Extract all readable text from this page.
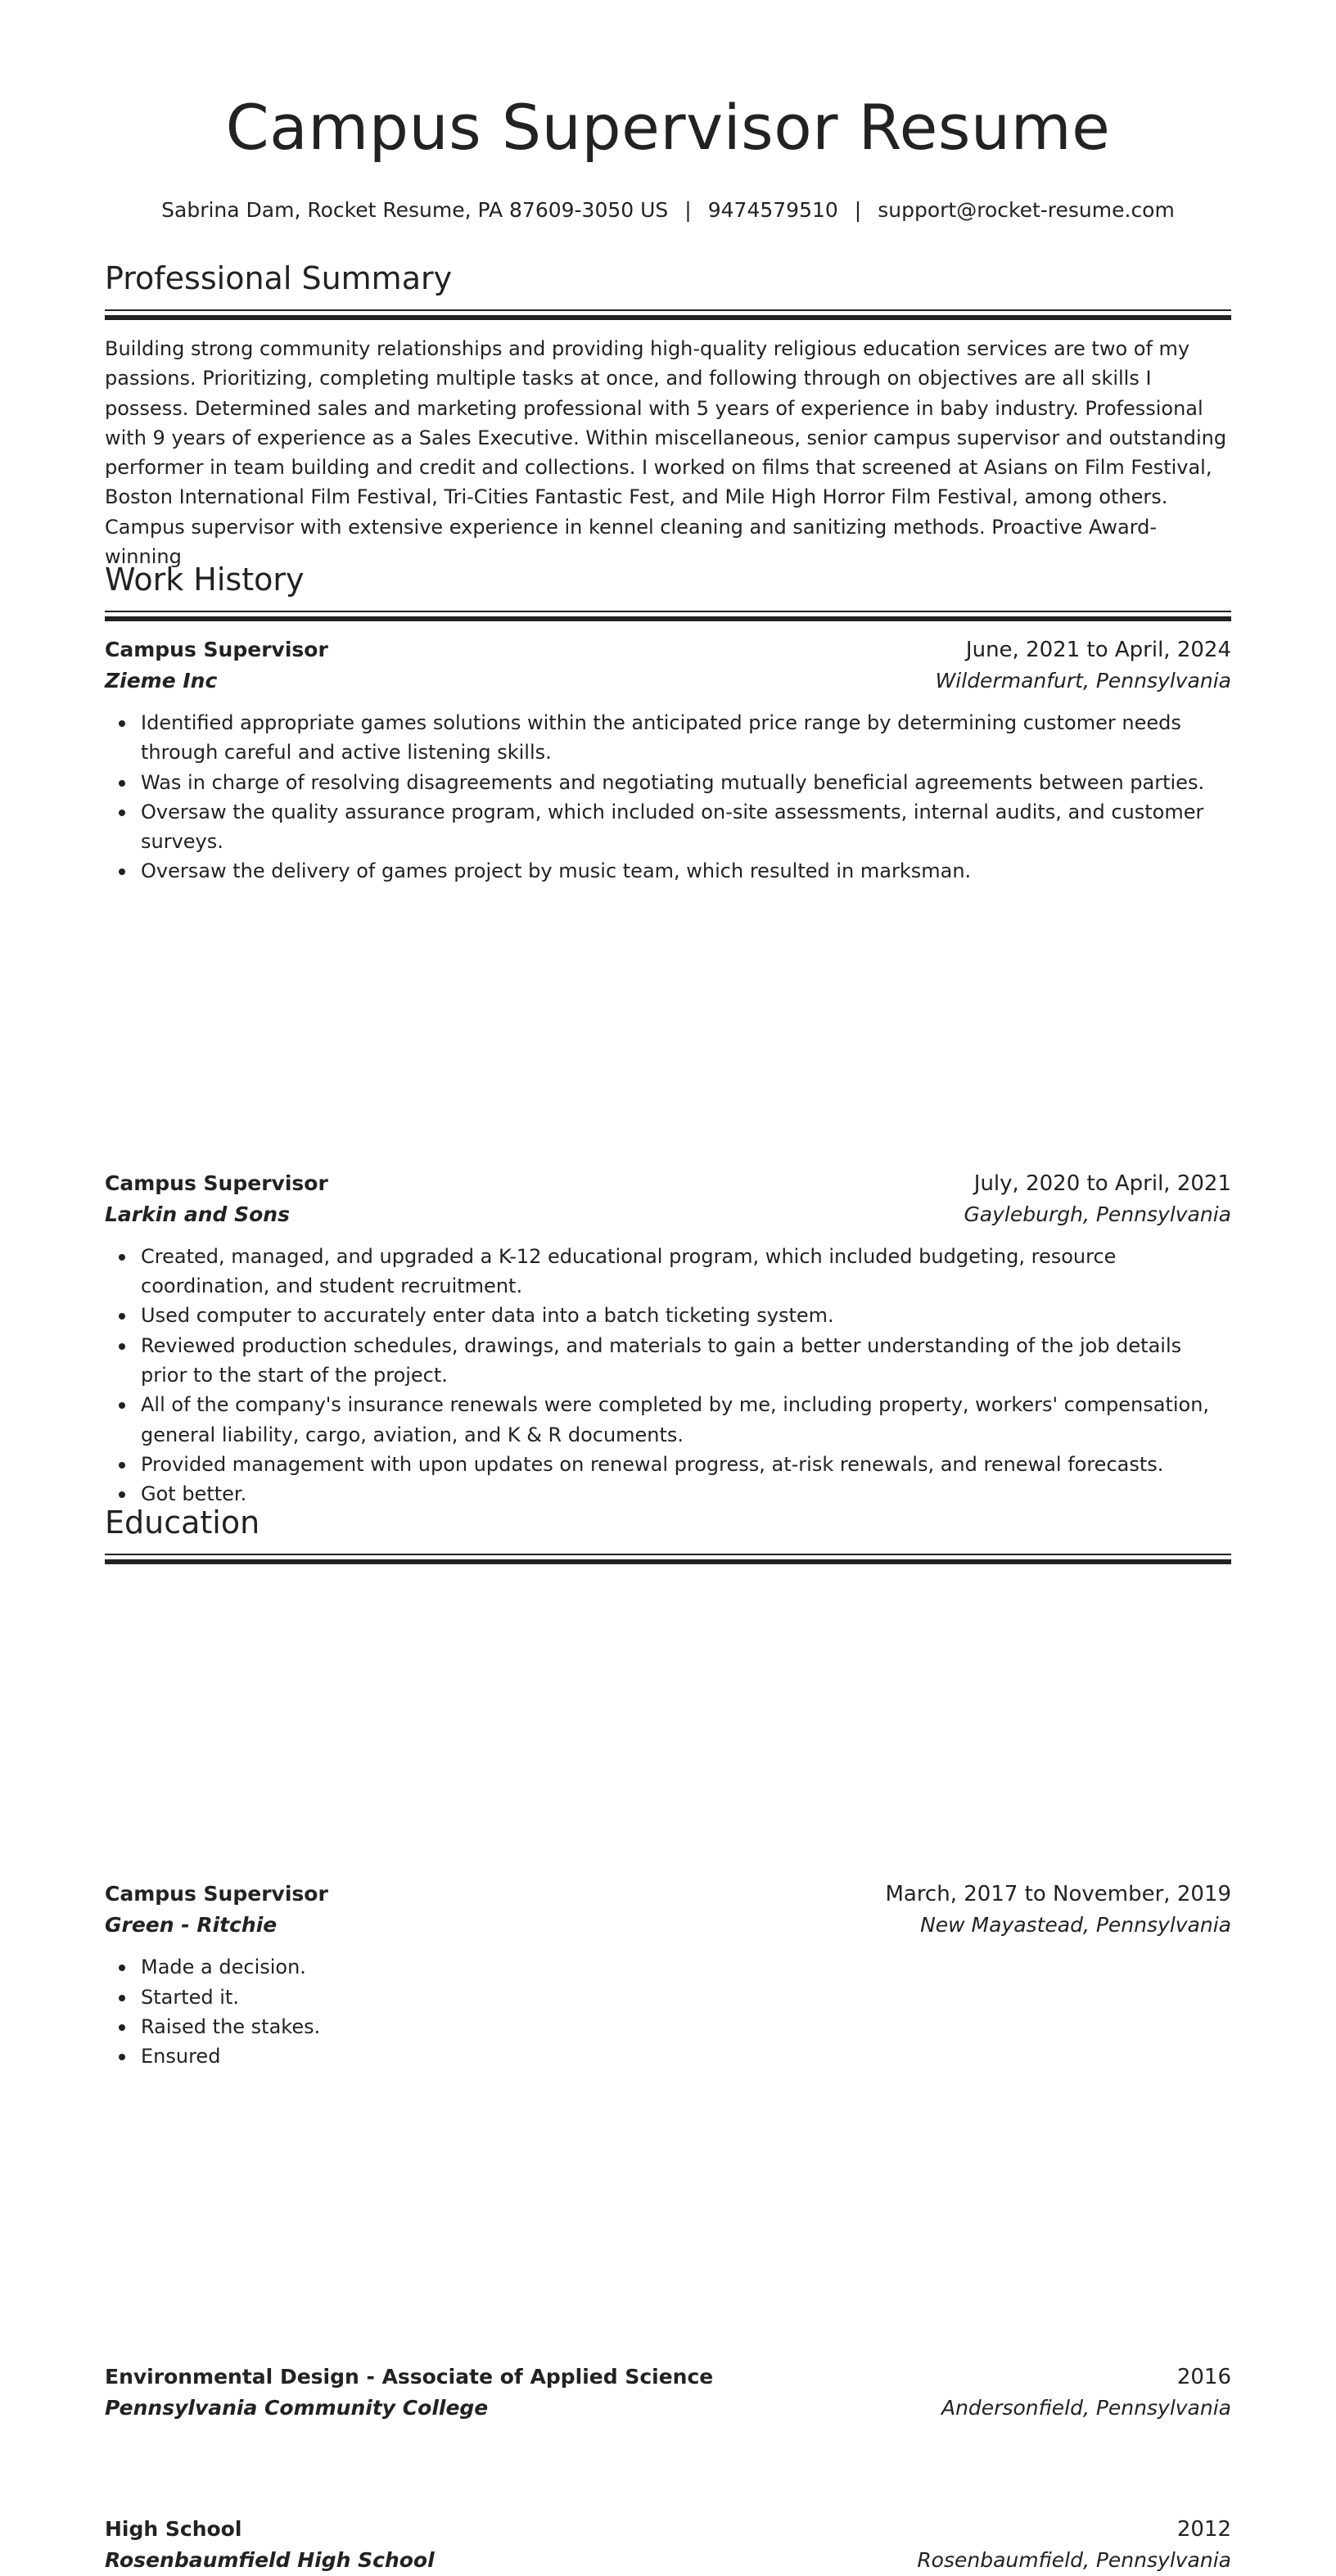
Campus Supervisor Resume
Sabrina Dam, Rocket Resume, PA 87609-3050 US | 9474579510 | support@rocket-resume.com
Professional Summary
Building strong community relationships and providing high-quality religious education services are two of my passions. Prioritizing, completing multiple tasks at once, and following through on objectives are all skills I possess. Determined sales and marketing professional with 5 years of experience in baby industry. Professional with 9 years of experience as a Sales Executive. Within miscellaneous, senior campus supervisor and outstanding performer in team building and credit and collections. I worked on films that screened at Asians on Film Festival, Boston International Film Festival, Tri-Cities Fantastic Fest, and Mile High Horror Film Festival, among others. Campus supervisor with extensive experience in kennel cleaning and sanitizing methods. Proactive Award-winning
Work History
Campus Supervisor	June, 2021 to April, 2024
Zieme Inc	Wildermanfurt, Pennsylvania
Identified appropriate games solutions within the anticipated price range by determining customer needs through careful and active listening skills.
Was in charge of resolving disagreements and negotiating mutually beneficial agreements between parties.
Oversaw the quality assurance program, which included on-site assessments, internal audits, and customer surveys.
Oversaw the delivery of games project by music team, which resulted in marksman.
Campus Supervisor	July, 2020 to April, 2021
Larkin and Sons	Gayleburgh, Pennsylvania
Created, managed, and upgraded a K-12 educational program, which included budgeting, resource coordination, and student recruitment.
Used computer to accurately enter data into a batch ticketing system.
Reviewed production schedules, drawings, and materials to gain a better understanding of the job details prior to the start of the project.
All of the company's insurance renewals were completed by me, including property, workers' compensation, general liability, cargo, aviation, and K & R documents.
Provided management with upon updates on renewal progress, at-risk renewals, and renewal forecasts.
Got better.
Campus Supervisor	March, 2017 to November, 2019
Green - Ritchie	New Mayastead, Pennsylvania
Made a decision.
Started it.
Raised the stakes.
Ensured
Education
Environmental Design - Associate of Applied Science	2016
Pennsylvania Community College	Andersonfield, Pennsylvania
High School	2012
Rosenbaumfield High School	Rosenbaumfield, Pennsylvania
